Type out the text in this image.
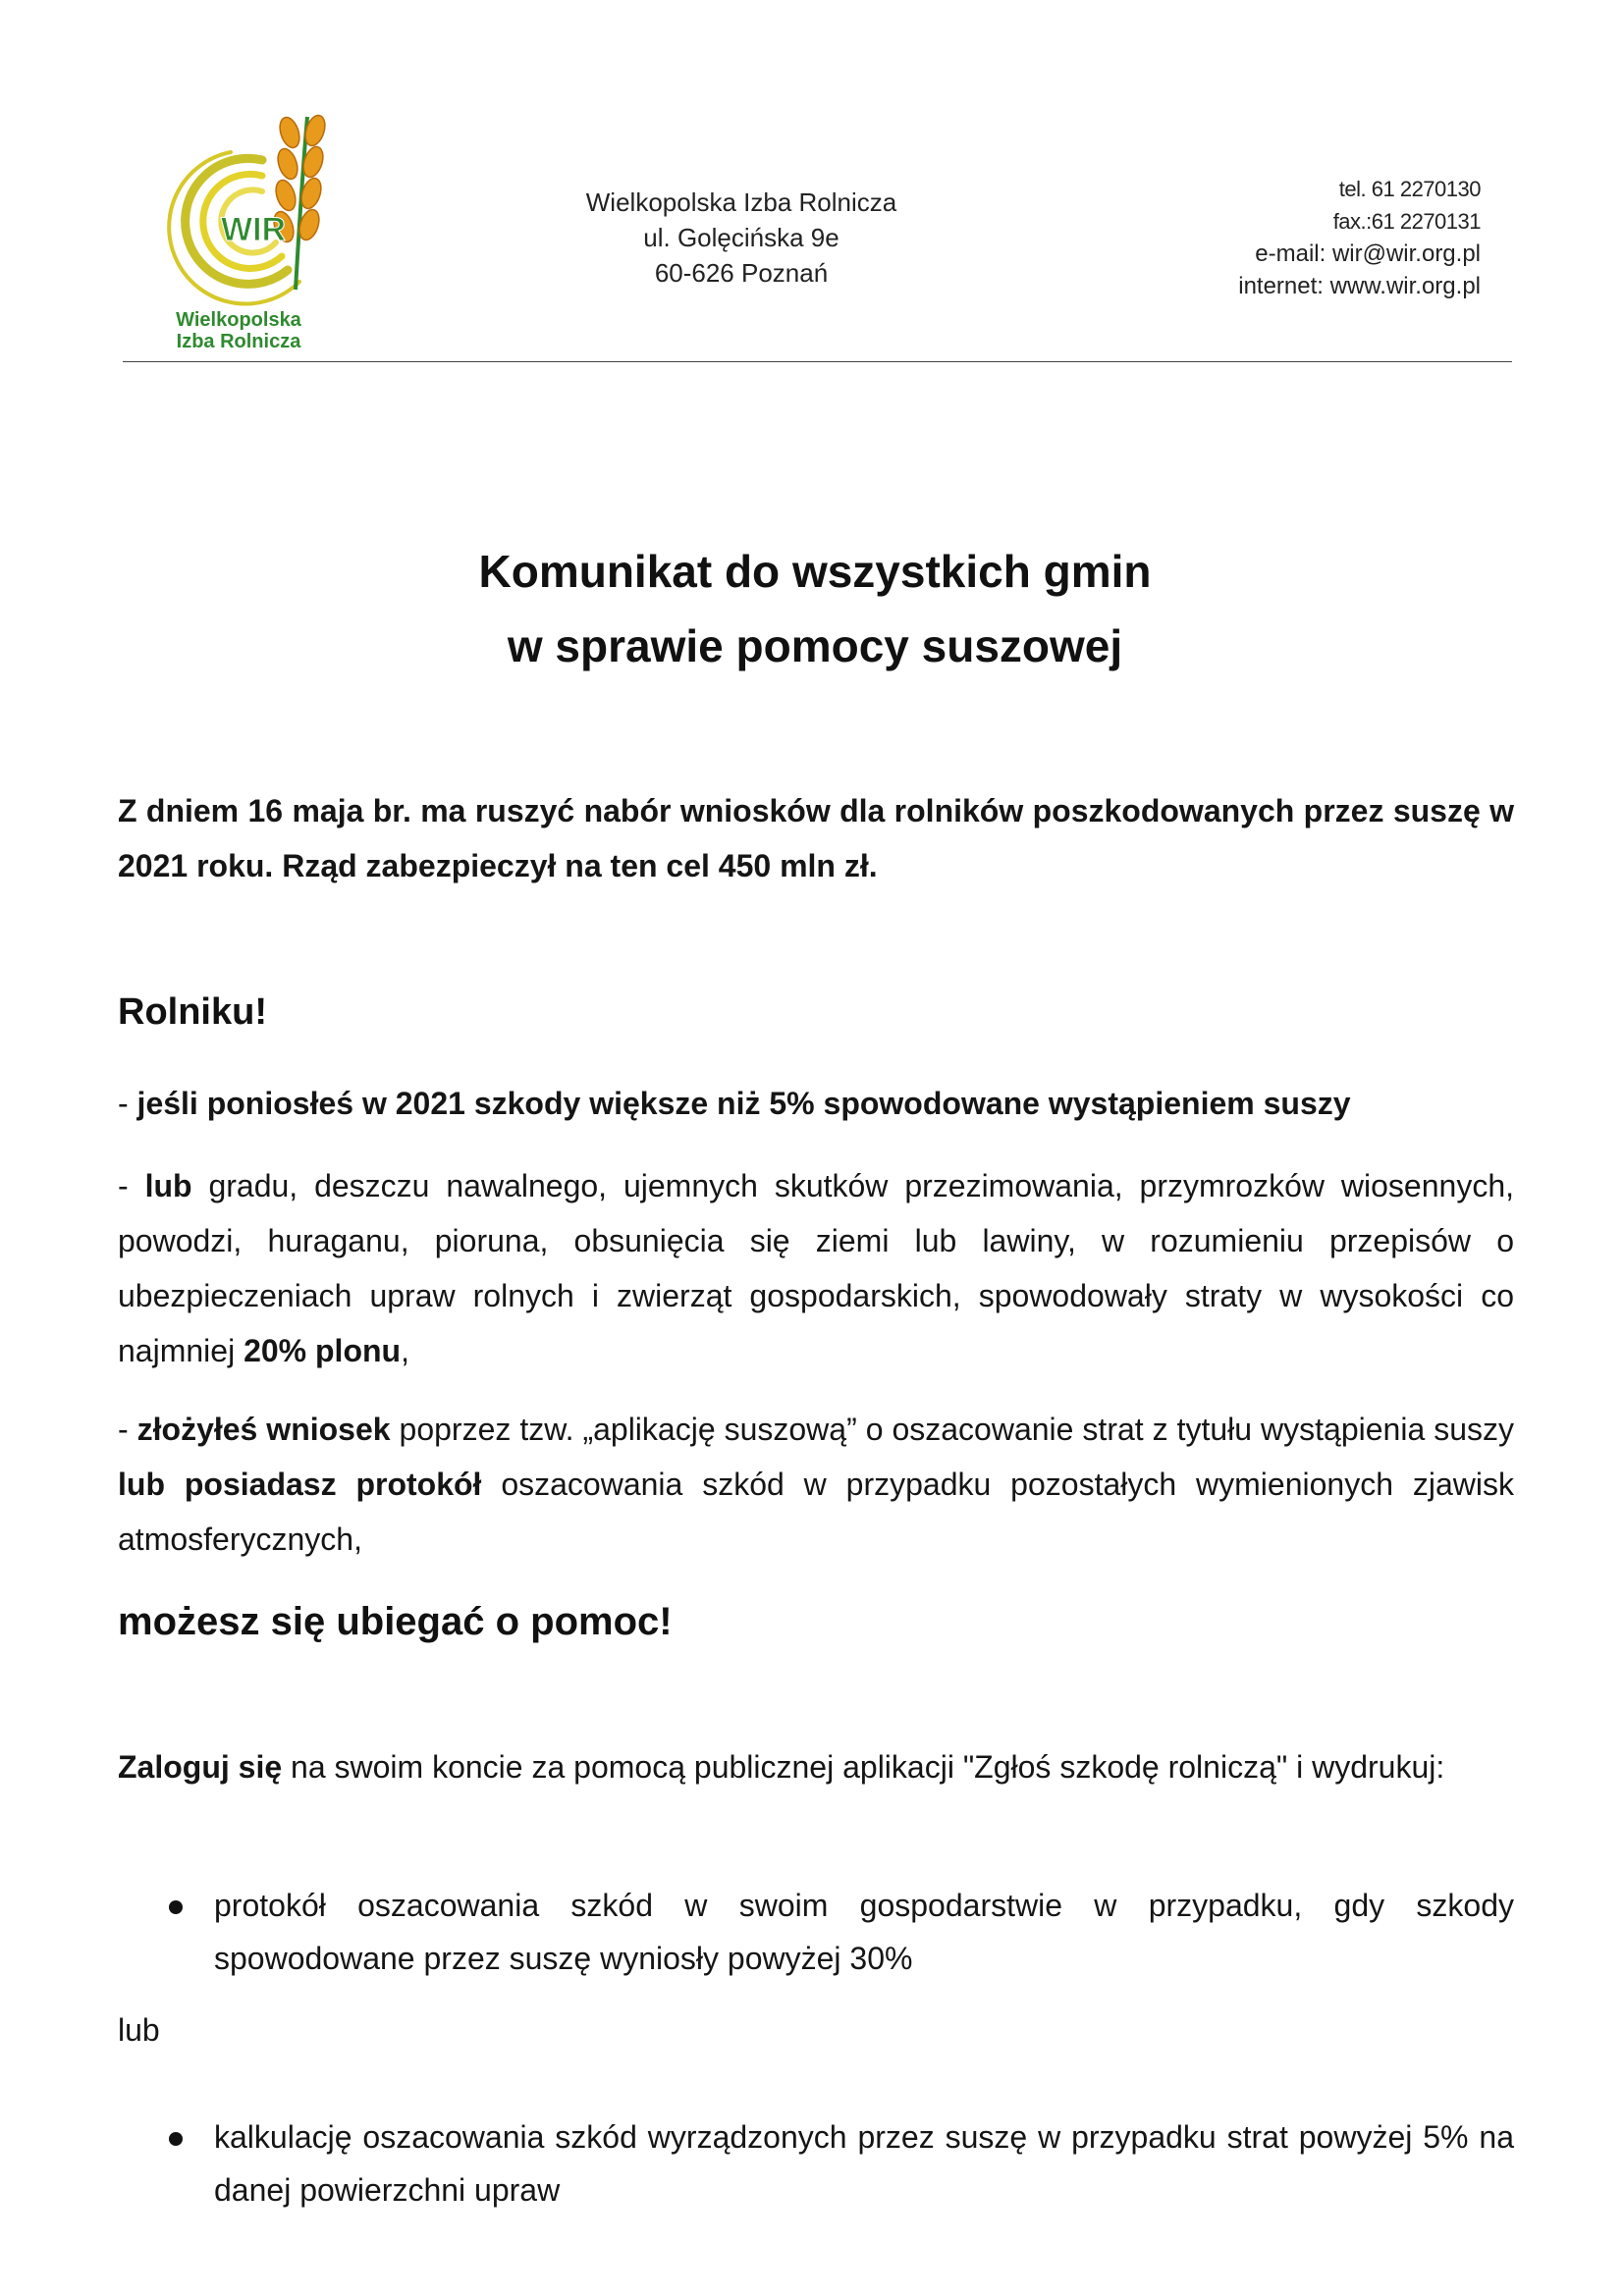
WIR
Wielkopolska
Izba Rolnicza
Wielkopolska Izba Rolnicza
ul. Golęcińska 9e
60-626 Poznań
tel. 61 2270130
fax.:61 2270131
e-mail: wir@wir.org.pl
internet: www.wir.org.pl
Komunikat do wszystkich gmin
w sprawie pomocy suszowej
Z dniem 16 maja br. ma ruszyć nabór wniosków dla rolników poszkodowanych przez suszę w 2021 roku. Rząd zabezpieczył na ten cel 450 mln zł.
Rolniku!
- jeśli poniosłeś w 2021 szkody większe niż 5% spowodowane wystąpieniem suszy
- lub gradu, deszczu nawalnego, ujemnych skutków przezimowania, przymrozków wiosennych, powodzi, huraganu, pioruna, obsunięcia się ziemi lub lawiny, w rozumieniu przepisów o ubezpieczeniach upraw rolnych i zwierząt gospodarskich, spowodowały straty w wysokości co najmniej 20% plonu,
- złożyłeś wniosek poprzez tzw. „aplikację suszową” o oszacowanie strat z tytułu wystąpienia suszy lub posiadasz protokół oszacowania szkód w przypadku pozostałych wymienionych zjawisk atmosferycznych,
możesz się ubiegać o pomoc!
Zaloguj się na swoim koncie za pomocą publicznej aplikacji "Zgłoś szkodę rolniczą" i wydrukuj:
protokół oszacowania szkód w swoim gospodarstwie w przypadku, gdy szkody spowodowane przez suszę wyniosły powyżej 30%
lub
kalkulację oszacowania szkód wyrządzonych przez suszę w przypadku strat powyżej 5% na danej powierzchni upraw
